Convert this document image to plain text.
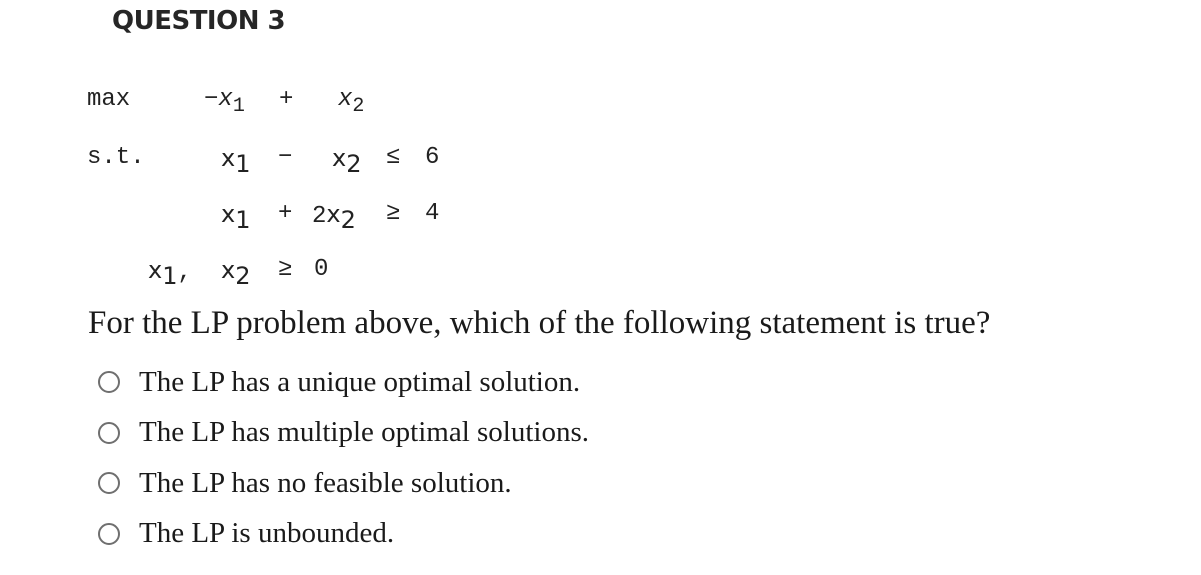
QUESTION 3
max	$-x_1 + x_2$
s.t.	x1 − x2 ≤ 6
x1 + 2x2 ≥ 4
x1, x2 ≥ 0
For the LP problem above, which of the following statement is true?
The LP has a unique optimal solution.
The LP has multiple optimal solutions.
The LP has no feasible solution.
The LP is unbounded.
